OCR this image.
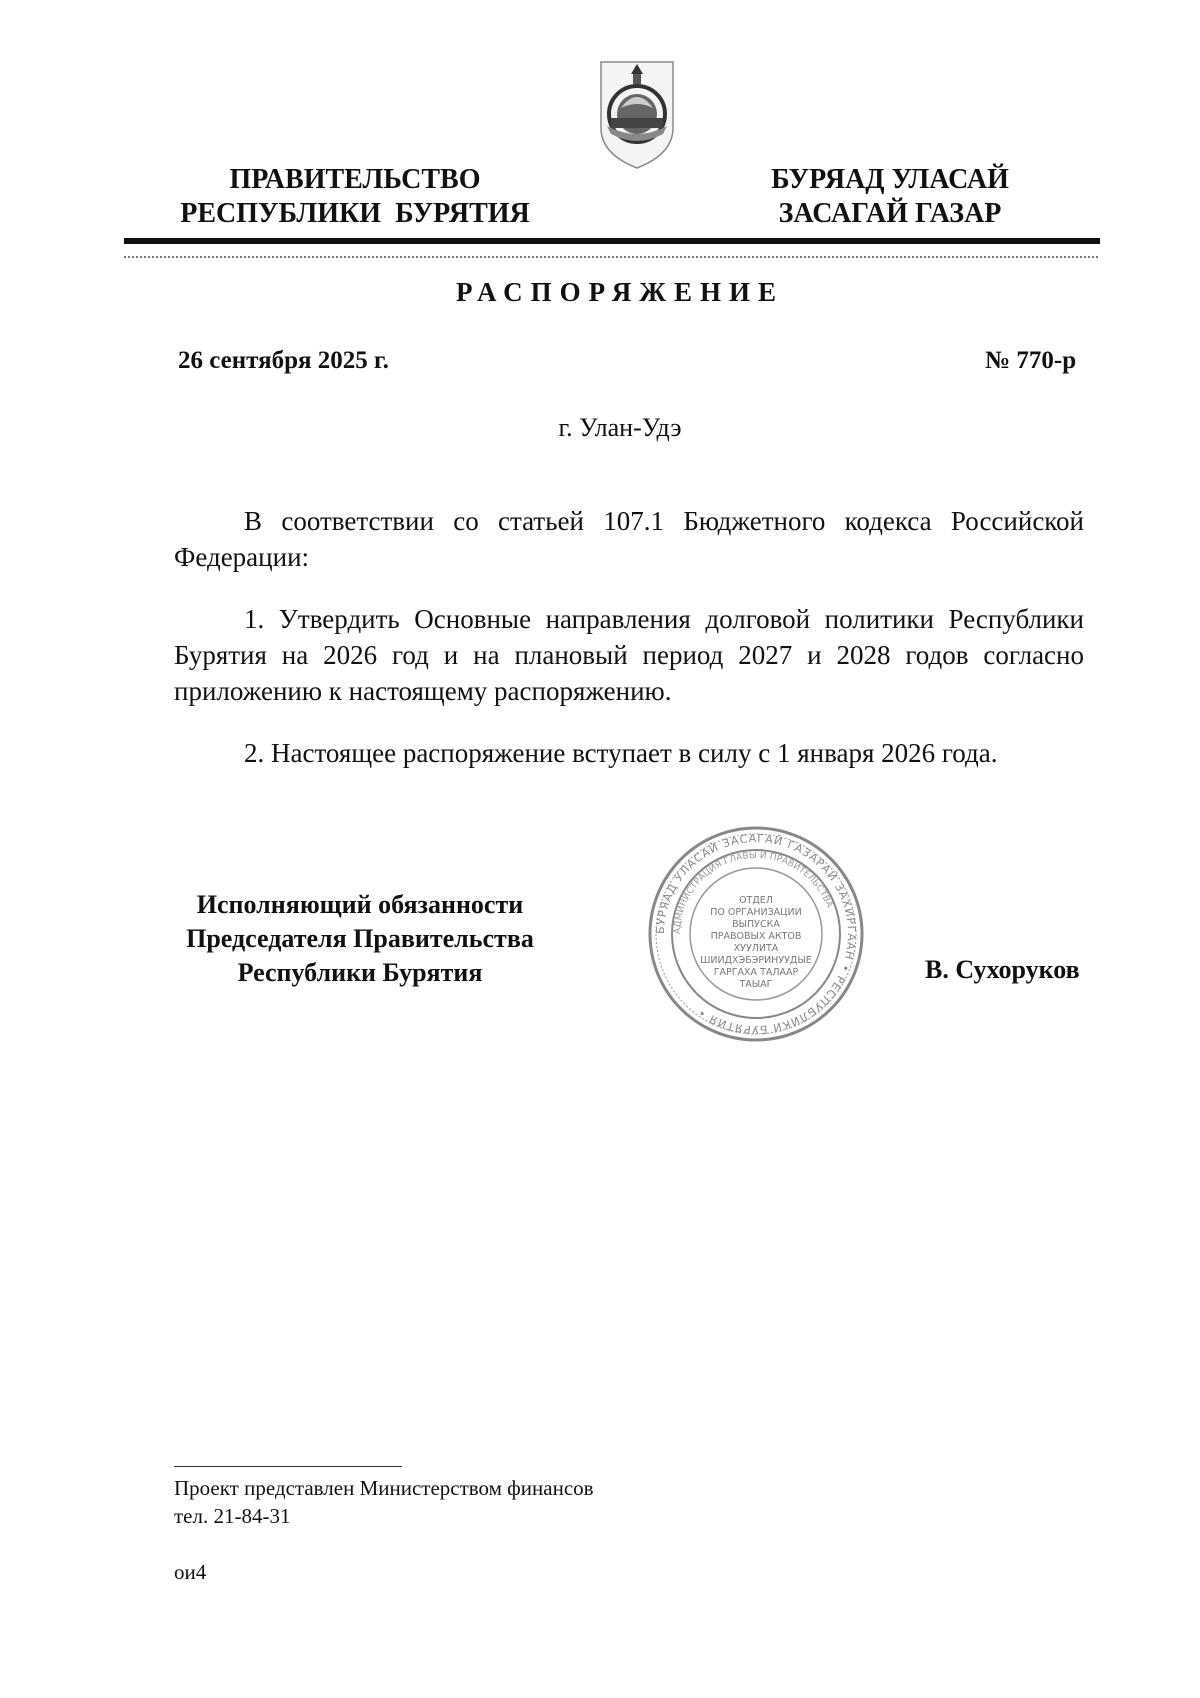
ПРАВИТЕЛЬСТВО
РЕСПУБЛИКИ  БУРЯТИЯ
БУРЯАД УЛАСАЙ
ЗАСАГАЙ ГАЗАР
РАСПОРЯЖЕНИЕ
26 сентября 2025 г.	№ 770-р
г. Улан-Удэ
В соответствии со статьей 107.1 Бюджетного кодекса Российской Федерации:
1. Утвердить Основные направления долговой политики Республики Бурятия на 2026 год и на плановый период 2027 и 2028 годов согласно приложению к настоящему распоряжению.
2. Настоящее распоряжение вступает в силу с 1 января 2026 года.
Исполняющий обязанности
Председателя Правительства
Республики Бурятия
БУРЯАД УЛАСАЙ ЗАСАГАЙ ГАЗАРАЙ ЗАХИРГААН • РЕСПУБЛИКИ БУРЯТИЯ •
АДМИНИСТРАЦИЯ ГЛАВЫ И ПРАВИТЕЛЬСТВА
ОТДЕЛ
ПО ОРГАНИЗАЦИИ
ВЫПУСКА
ПРАВОВЫХ АКТОВ
ХУУЛИТА
ШИИДХЭБЭРИНУУДЫЕ
ГАРГАХА ТАЛААР
ТАЫАГ
В. Сухоруков
Проект представлен Министерством финансов
тел. 21-84-31
ои4
